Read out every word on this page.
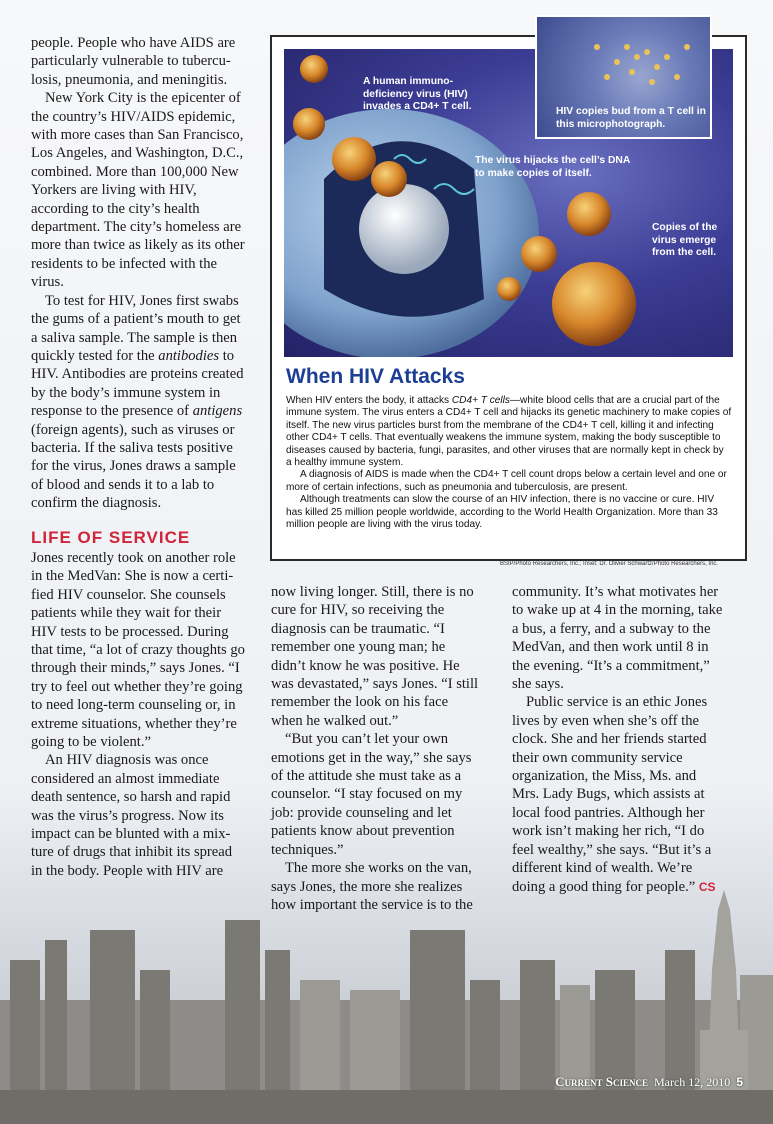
people. People who have AIDS are particularly vulnerable to tubercu-losis, pneumonia, and meningitis.

New York City is the epicenter of the country’s HIV/AIDS epidemic, with more cases than San Francisco, Los Angeles, and Washington, D.C., combined. More than 100,000 New Yorkers are living with HIV, according to the city’s health department. The city’s homeless are more than twice as likely as its other residents to be infected with the virus.

To test for HIV, Jones first swabs the gums of a patient’s mouth to get a saliva sample. The sample is then quickly tested for the antibodies to HIV. Antibodies are proteins created by the body’s immune system in response to the presence of antigens (foreign agents), such as viruses or bacteria. If the saliva tests positive for the virus, Jones draws a sample of blood and sends it to a lab to confirm the diagnosis.

LIFE OF SERVICE

Jones recently took on another role in the MedVan: She is now a certi-fied HIV counselor. She counsels patients while they wait for their HIV tests to be processed. During that time, “a lot of crazy thoughts go through their minds,” says Jones. “I try to feel out whether they’re going to need long-term counseling or, in extreme situations, whether they’re going to be violent.”

An HIV diagnosis was once considered an almost immediate death sentence, so harsh and rapid was the virus’s progress. Now its impact can be blunted with a mix-ture of drugs that inhibit its spread in the body. People with HIV are

When HIV Attacks

When HIV enters the body, it attacks CD4+ T cells—white blood cells that are a crucial part of the immune system. The virus enters a CD4+ T cell and hijacks its genetic machinery to make copies of itself. The new virus particles burst from the membrane of the CD4+ T cell, killing it and infecting other CD4+ T cells. That eventually weakens the immune system, making the body susceptible to diseases caused by bacteria, fungi, parasites, and other viruses that are normally kept in check by a healthy immune system.

A diagnosis of AIDS is made when the CD4+ T cell count drops below a certain level and one or more of certain infections, such as pneumonia and tuberculosis, are present.

Although treatments can slow the course of an HIV infection, there is no vaccine or cure. HIV has killed 25 million people worldwide, according to the World Health Organization. More than 33 million people are living with the virus today.

A human immuno-deficiency virus (HIV) invades a CD4+ T cell.
The virus hijacks the cell’s DNA to make copies of itself.
Copies of the virus emerge from the cell.
HIV copies bud from a T cell in this microphotograph.
BSIP/Photo Researchers, Inc.; Inset: Dr. Olivier Schwartz/Photo Researchers, Inc.

now living longer. Still, there is no cure for HIV, so receiving the diagnosis can be traumatic. “I remember one young man; he didn’t know he was positive. He was devastated,” says Jones. “I still remember the look on his face when he walked out.”

“But you can’t let your own emotions get in the way,” she says of the attitude she must take as a counselor. “I stay focused on my job: provide counseling and let patients know about prevention techniques.”

The more she works on the van, says Jones, the more she realizes how important the service is to the

community. It’s what motivates her to wake up at 4 in the morning, take a bus, a ferry, and a subway to the MedVan, and then work until 8 in the evening. “It’s a commitment,” she says.

Public service is an ethic Jones lives by even when she’s off the clock. She and her friends started their own community service organization, the Miss, Ms. and Mrs. Lady Bugs, which assists at local food pantries. Although her work isn’t making her rich, “I do feel wealthy,” she says. “But it’s a different kind of wealth. We’re doing a good thing for people.” CS

Current Science March 12, 2010 5
